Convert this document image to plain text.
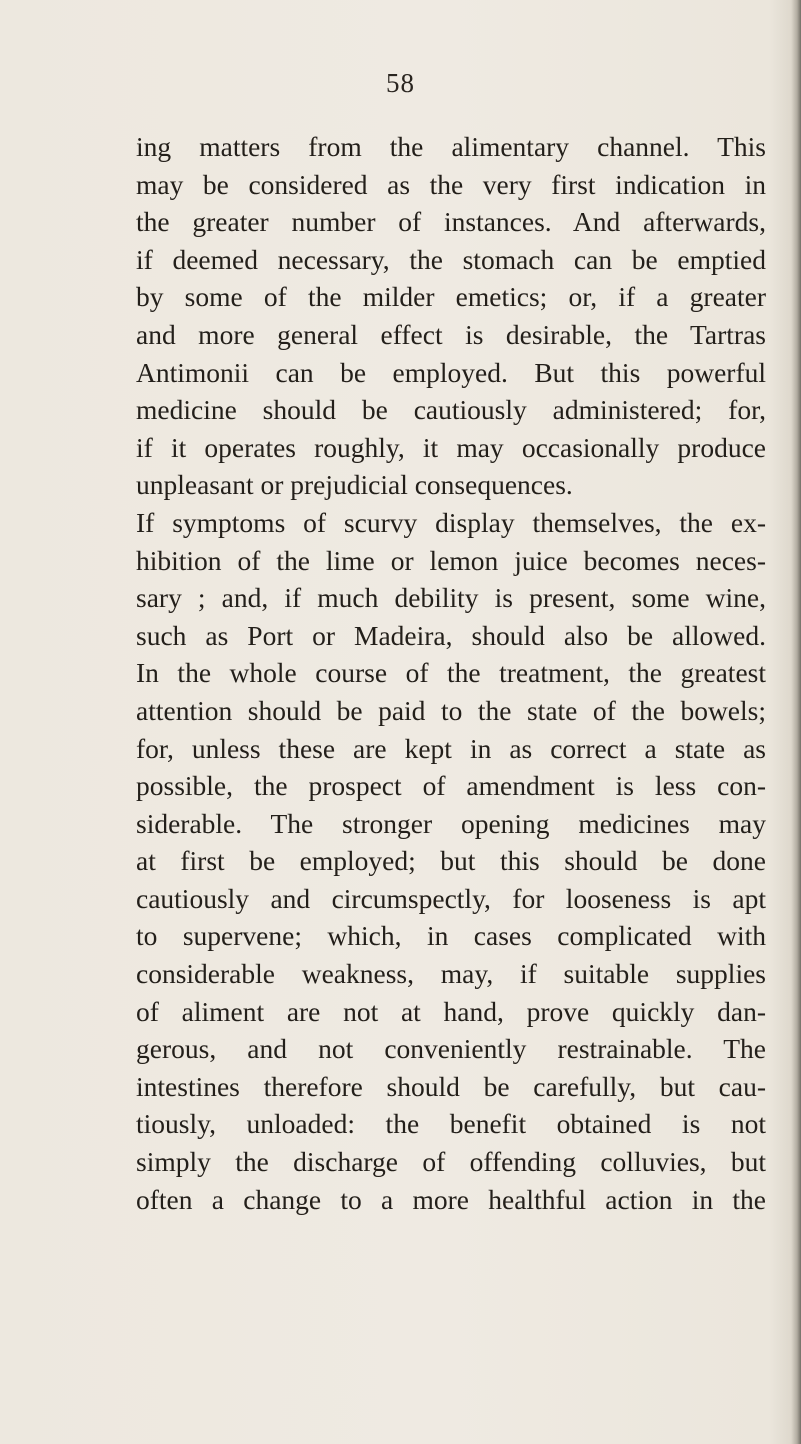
58
ing matters from the alimentary channel. This
may be considered as the very first indication in
the greater number of instances. And afterwards,
if deemed necessary, the stomach can be emptied
by some of the milder emetics; or, if a greater
and more general effect is desirable, the Tartras
Antimonii can be employed. But this powerful
medicine should be cautiously administered; for,
if it operates roughly, it may occasionally produce
unpleasant or prejudicial consequences.
If symptoms of scurvy display themselves, the ex-
hibition of the lime or lemon juice becomes neces-
sary ; and, if much debility is present, some wine,
such as Port or Madeira, should also be allowed.
In the whole course of the treatment, the greatest
attention should be paid to the state of the bowels;
for, unless these are kept in as correct a state as
possible, the prospect of amendment is less con-
siderable. The stronger opening medicines may
at first be employed; but this should be done
cautiously and circumspectly, for looseness is apt
to supervene; which, in cases complicated with
considerable weakness, may, if suitable supplies
of aliment are not at hand, prove quickly dan-
gerous, and not conveniently restrainable. The
intestines therefore should be carefully, but cau-
tiously, unloaded: the benefit obtained is not
simply the discharge of offending colluvies, but
often a change to a more healthful action in the
